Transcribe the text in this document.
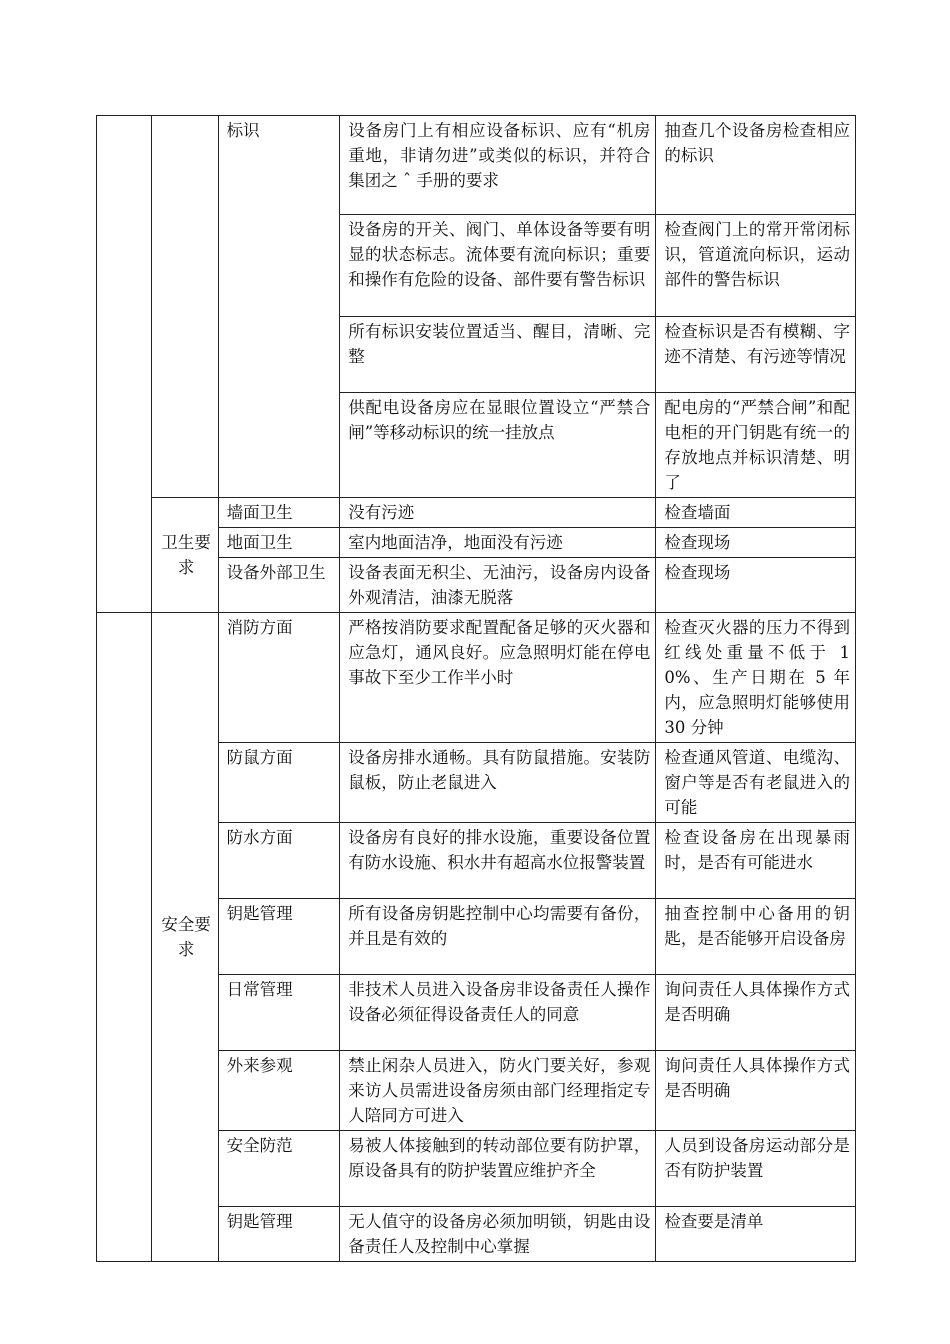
		标识	设备房门上有相应设备标识、应有“机房重地，非请勿进”或类似的标识，并符合集团之 ˆ 手册的要求	抽查几个设备房检查相应的标识
			设备房的开关、阀门、单体设备等要有明显的状态标志。流体要有流向标识；重要和操作有危险的设备、部件要有警告标识	检查阀门上的常开常闭标识，管道流向标识，运动部件的警告标识
			所有标识安装位置适当、醒目，清晰、完整	检查标识是否有模糊、字迹不清楚、有污迹等情况
			供配电设备房应在显眼位置设立“严禁合闸”等移动标识的统一挂放点	配电房的“严禁合闸”和配电柜的开门钥匙有统一的存放地点并标识清楚、明了
	卫生要求	墙面卫生	没有污迹	检查墙面
		地面卫生	室内地面洁净，地面没有污迹	检查现场
		设备外部卫生	设备表面无积尘、无油污，设备房内设备外观清洁，油漆无脱落	检查现场
	安全要求	消防方面	严格按消防要求配置配备足够的灭火器和应急灯，通风良好。应急照明灯能在停电事故下至少工作半小时	检查灭火器的压力不得到红线处重量不低于 10%、生产日期在 5 年内，应急照明灯能够使用 30 分钟
		防鼠方面	设备房排水通畅。具有防鼠措施。安装防鼠板，防止老鼠进入	检查通风管道、电缆沟、窗户等是否有老鼠进入的可能
		防水方面	设备房有良好的排水设施，重要设备位置有防水设施、积水井有超高水位报警装置	检查设备房在出现暴雨时，是否有可能进水
		钥匙管理	所有设备房钥匙控制中心均需要有备份，并且是有效的	抽查控制中心备用的钥匙，是否能够开启设备房
		日常管理	非技术人员进入设备房非设备责任人操作设备必须征得设备责任人的同意	询问责任人具体操作方式是否明确
		外来参观	禁止闲杂人员进入，防火门要关好，参观来访人员需进设备房须由部门经理指定专人陪同方可进入	询问责任人具体操作方式是否明确
		安全防范	易被人体接触到的转动部位要有防护罩，原设备具有的防护装置应维护齐全	人员到设备房运动部分是否有防护装置
		钥匙管理	无人值守的设备房必须加明锁，钥匙由设备责任人及控制中心掌握	检查要是清单
